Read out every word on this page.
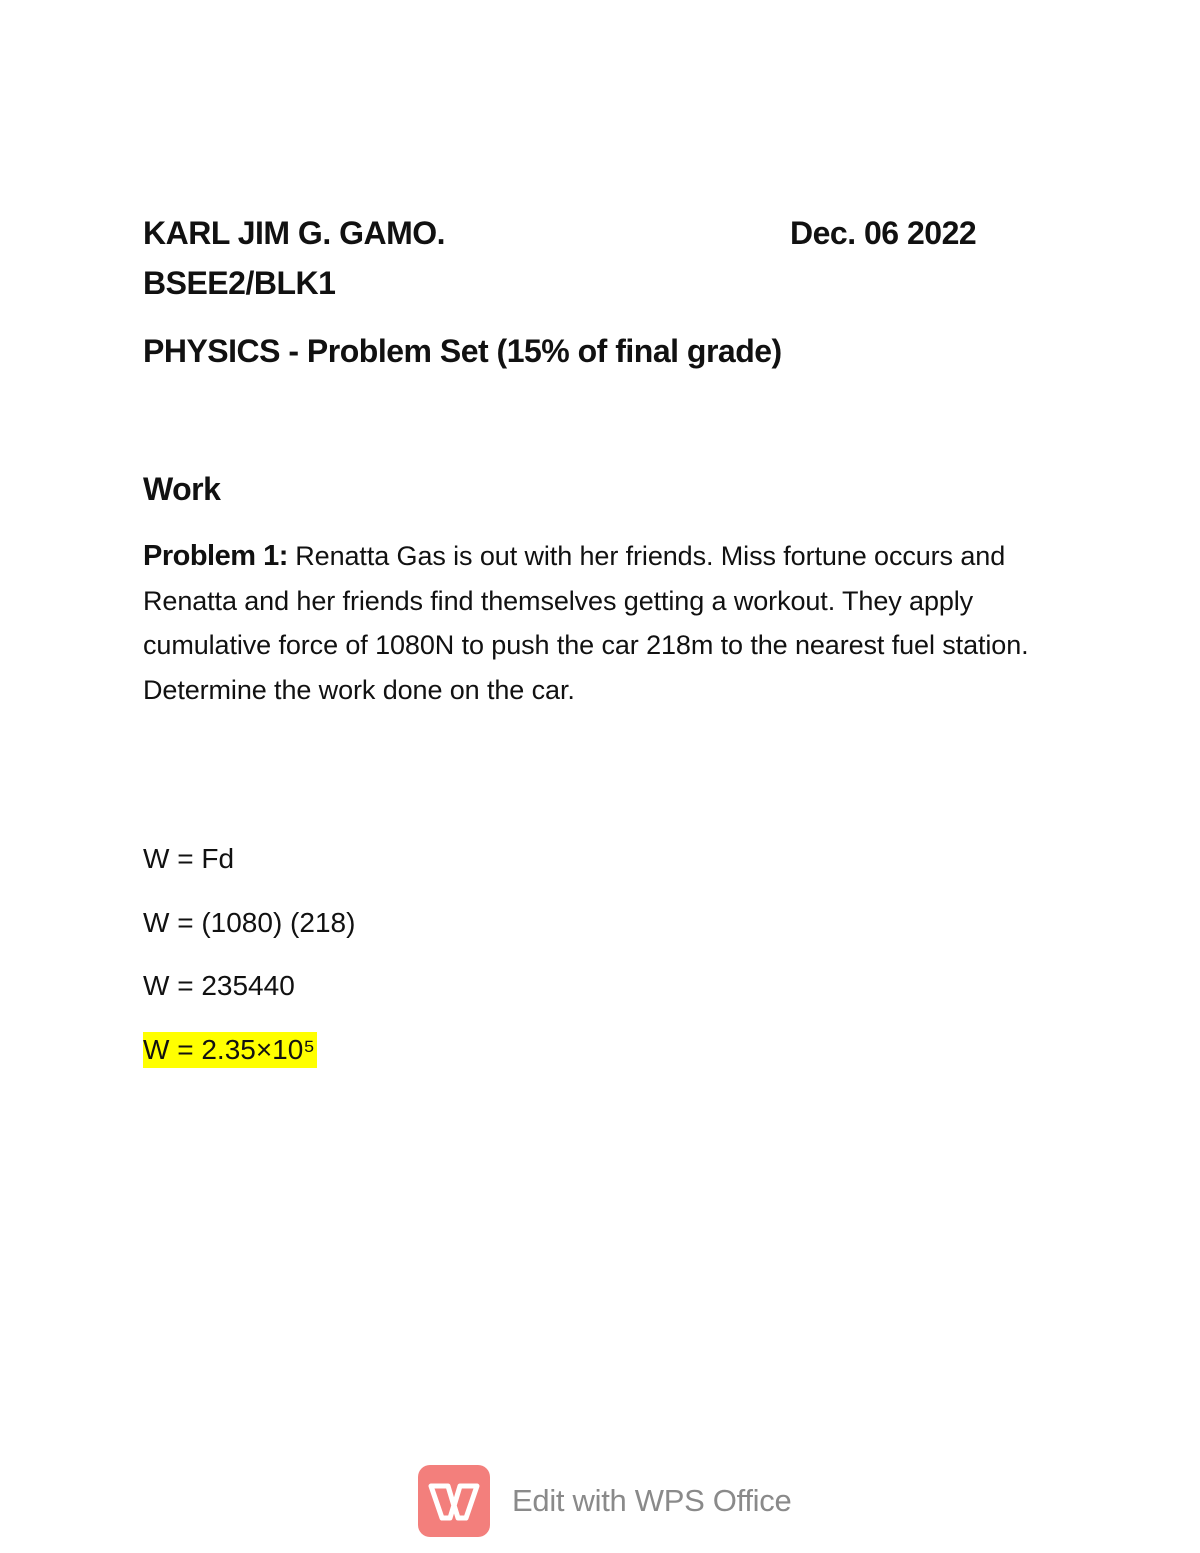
KARL JIM G. GAMO.	Dec. 06 2022
BSEE2/BLK1
PHYSICS - Problem Set (15% of final grade)
Work
Problem 1: Renatta Gas is out with her friends. Miss fortune occurs and Renatta and her friends find themselves getting a workout. They apply cumulative force of 1080N to push the car 218m to the nearest fuel station. Determine the work done on the car.
W = Fd
W = (1080) (218)
W = 235440
W = 2.35×10⁵
Edit with WPS Office
